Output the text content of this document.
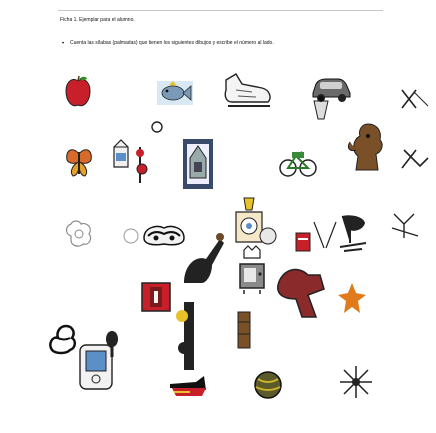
Ficha 1. Ejemplar para el alumno.
• Cuenta las sílabas (palmadas) que tienen los siguientes dibujos y escribe el número al lado.
